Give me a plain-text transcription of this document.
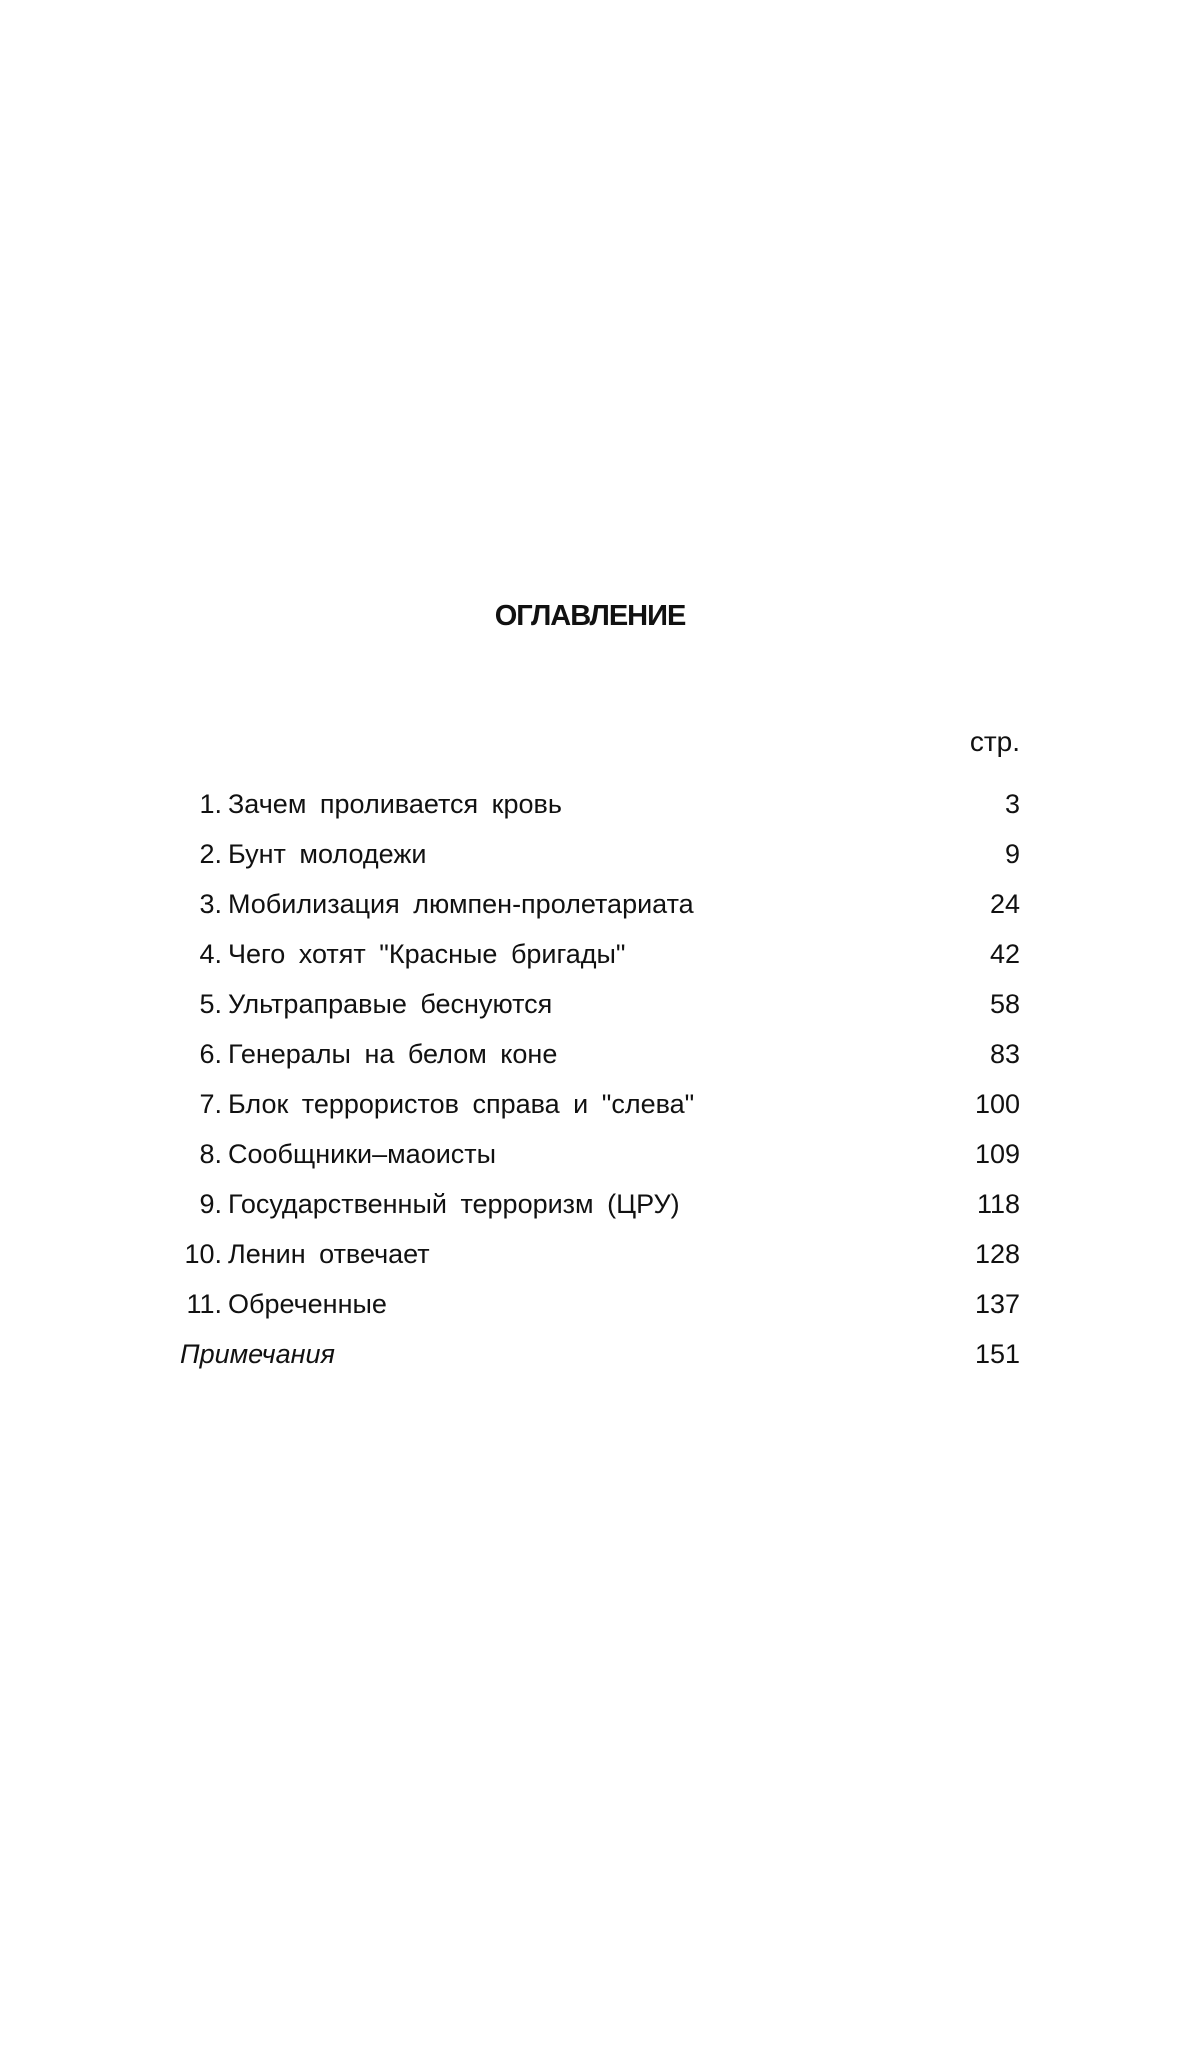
ОГЛАВЛЕНИЕ
стр.
1. Зачем проливается кровь	3
2. Бунт молодежи	9
3. Мобилизация люмпен-пролетариата	24
4. Чего хотят "Красные бригады"	42
5. Ультраправые беснуются	58
6. Генералы на белом коне	83
7. Блок террористов справа и "слева"	100
8. Сообщники–маоисты	109
9. Государственный терроризм (ЦРУ)	118
10. Ленин отвечает	128
11. Обреченные	137
Примечания	151
